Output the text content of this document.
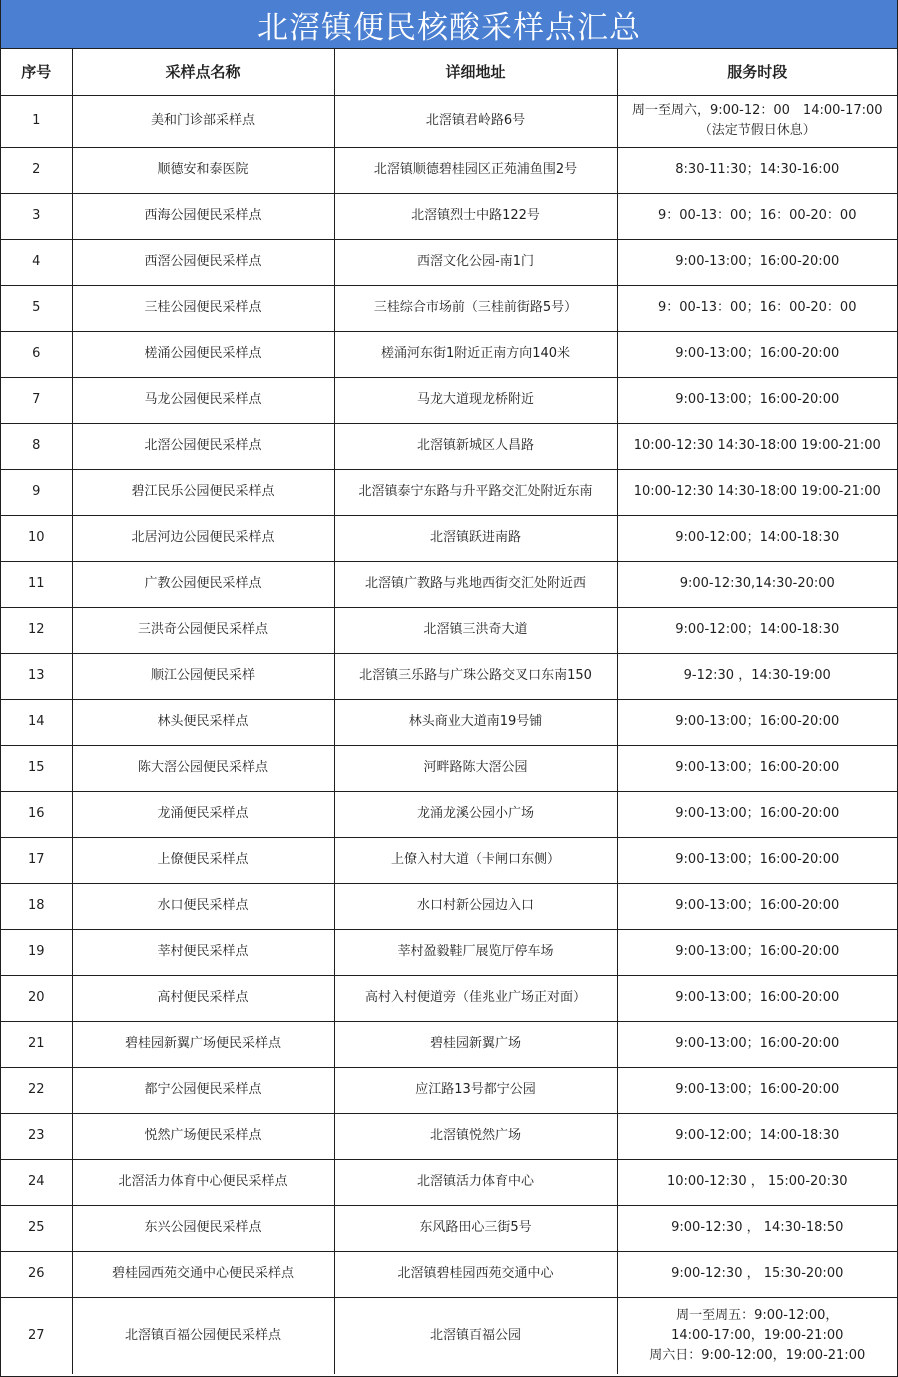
北滘镇便民核酸采样点汇总
序号	采样点名称	详细地址	服务时段
1	美和门诊部采样点	北滘镇君岭路6号	周一至周六，9:00-12：00　14:00-17:00
（法定节假日休息）
2	顺德安和泰医院	北滘镇顺德碧桂园区正苑浦鱼围2号	8:30-11:30；14:30-16:00
3	西海公园便民采样点	北滘镇烈士中路122号	9：00-13：00；16：00-20：00
4	西滘公园便民采样点	西滘文化公园-南1门	9:00-13:00；16:00-20:00
5	三桂公园便民采样点	三桂综合市场前（三桂前街路5号）	9：00-13：00；16：00-20：00
6	槎涌公园便民采样点	槎涌河东街1附近正南方向140米	9:00-13:00；16:00-20:00
7	马龙公园便民采样点	马龙大道现龙桥附近	9:00-13:00；16:00-20:00
8	北滘公园便民采样点	北滘镇新城区人昌路	10:00-12:30 14:30-18:00 19:00-21:00
9	碧江民乐公园便民采样点	北滘镇泰宁东路与升平路交汇处附近东南	10:00-12:30 14:30-18:00 19:00-21:00
10	北居河边公园便民采样点	北滘镇跃进南路	9:00-12:00；14:00-18:30
11	广教公园便民采样点	北滘镇广教路与兆地西街交汇处附近西	9:00-12:30,14:30-20:00
12	三洪奇公园便民采样点	北滘镇三洪奇大道	9:00-12:00；14:00-18:30
13	顺江公园便民采样	北滘镇三乐路与广珠公路交叉口东南150	9-12:30 ，14:30-19:00
14	林头便民采样点	林头商业大道南19号铺	9:00-13:00；16:00-20:00
15	陈大滘公园便民采样点	河畔路陈大滘公园	9:00-13:00；16:00-20:00
16	龙涌便民采样点	龙涌龙溪公园小广场	9:00-13:00；16:00-20:00
17	上僚便民采样点	上僚入村大道（卡闸口东侧）	9:00-13:00；16:00-20:00
18	水口便民采样点	水口村新公园边入口	9:00-13:00；16:00-20:00
19	莘村便民采样点	莘村盈毅鞋厂展览厅停车场	9:00-13:00；16:00-20:00
20	高村便民采样点	高村入村便道旁（佳兆业广场正对面）	9:00-13:00；16:00-20:00
21	碧桂园新翼广场便民采样点	碧桂园新翼广场	9:00-13:00；16:00-20:00
22	都宁公园便民采样点	应江路13号都宁公园	9:00-13:00；16:00-20:00
23	悦然广场便民采样点	北滘镇悦然广场	9:00-12:00；14:00-18:30
24	北滘活力体育中心便民采样点	北滘镇活力体育中心	10:00-12:30 ， 15:00-20:30
25	东兴公园便民采样点	东风路田心三街5号	9:00-12:30 ， 14:30-18:50
26	碧桂园西苑交通中心便民采样点	北滘镇碧桂园西苑交通中心	9:00-12:30 ， 15:30-20:00
27	北滘镇百福公园便民采样点	北滘镇百福公园	周一至周五：9:00-12:00，
14:00-17:00，19:00-21:00
周六日：9:00-12:00，19:00-21:00
